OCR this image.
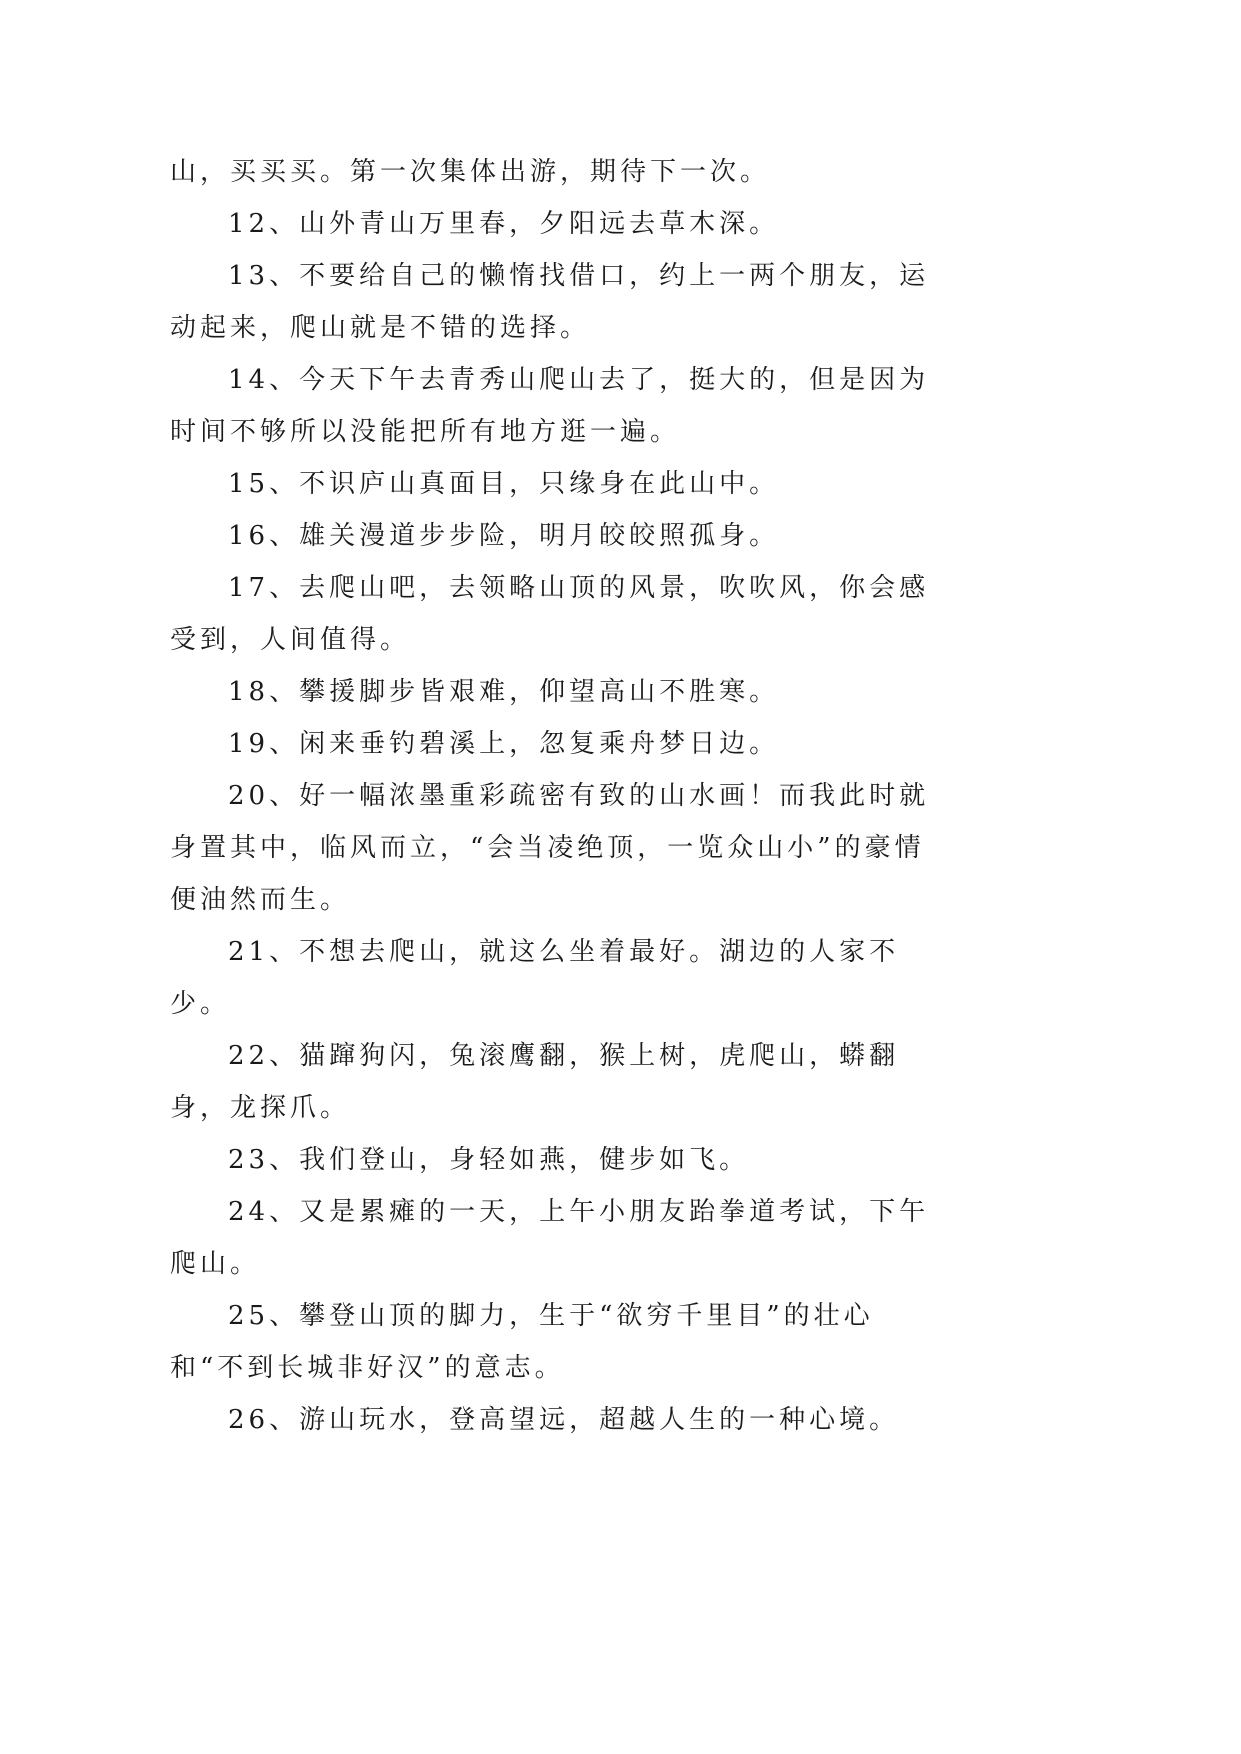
山，买买买。第一次集体出游，期待下一次。

12、山外青山万里春，夕阳远去草木深。

13、不要给自己的懒惰找借口，约上一两个朋友，运动起来，爬山就是不错的选择。

14、今天下午去青秀山爬山去了，挺大的，但是因为时间不够所以没能把所有地方逛一遍。

15、不识庐山真面目，只缘身在此山中。

16、雄关漫道步步险，明月皎皎照孤身。

17、去爬山吧，去领略山顶的风景，吹吹风，你会感受到，人间值得。

18、攀援脚步皆艰难，仰望高山不胜寒。

19、闲来垂钓碧溪上，忽复乘舟梦日边。

20、好一幅浓墨重彩疏密有致的山水画！而我此时就身置其中，临风而立，“会当凌绝顶，一览众山小”的豪情便油然而生。

21、不想去爬山，就这么坐着最好。湖边的人家不少。

22、猫蹿狗闪，兔滚鹰翻，猴上树，虎爬山，蟒翻身，龙探爪。

23、我们登山，身轻如燕，健步如飞。

24、又是累瘫的一天，上午小朋友跆拳道考试，下午爬山。

25、攀登山顶的脚力，生于“欲穷千里目”的壮心和“不到长城非好汉”的意志。

26、游山玩水，登高望远，超越人生的一种心境。
